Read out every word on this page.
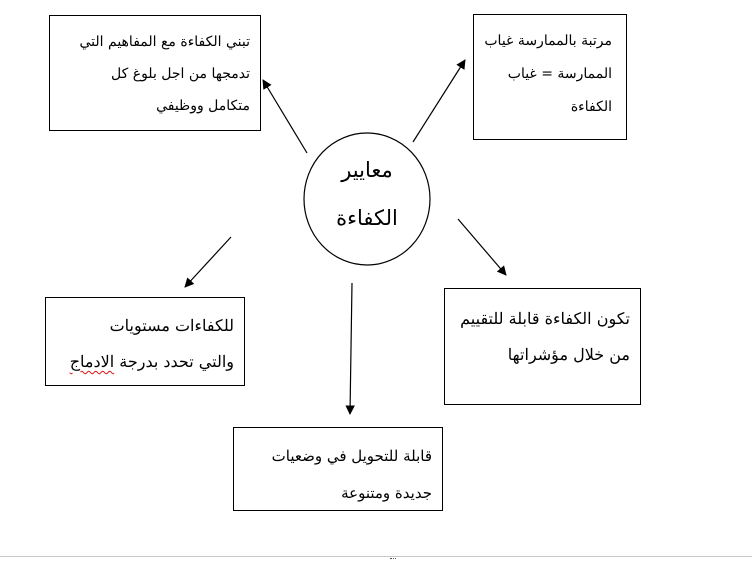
معايير
الكفاءة
تبني الكفاءة مع المفاهيم التي
تدمجها من اجل بلوغ كل
متكامل ووظيفي
مرتبة بالممارسة غياب
الممارسة = غياب
الكفاءة
للكفاءات مستويات
والتي تحدد بدرجة الادماج
تكون الكفاءة قابلة للتقييم
من خلال مؤشراتها
قابلة للتحويل في وضعيات
جديدة ومتنوعة
